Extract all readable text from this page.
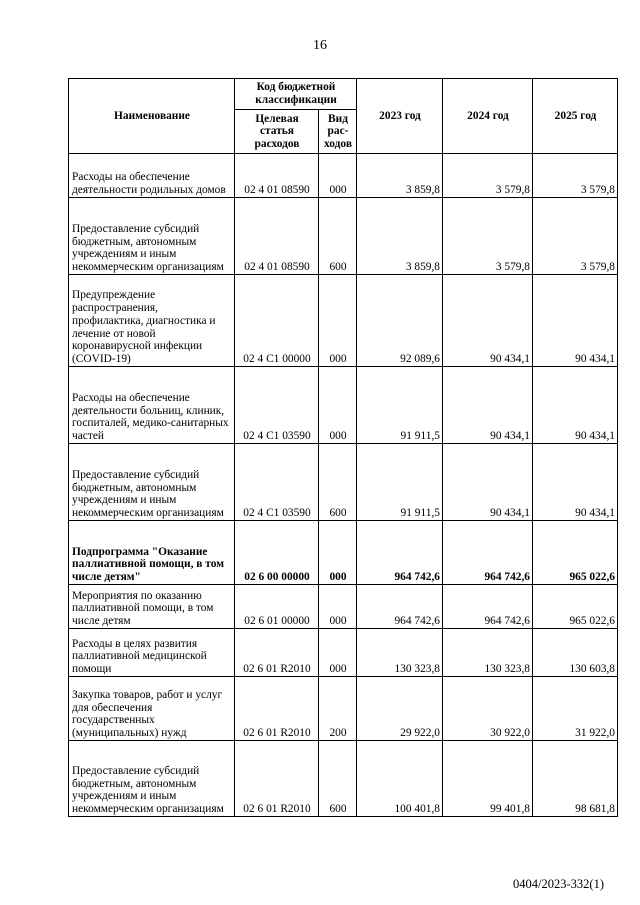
16
Наименование	Код бюджетной классификации		2023 год	2024 год	2025 год
	Целевая статья расходов	Вид рас- ходов			
Расходы на обеспечение деятельности родильных домов	02 4 01 08590	000	3 859,8	3 579,8	3 579,8
Предоставление субсидий бюджетным, автономным учреждениям и иным некоммерческим организациям	02 4 01 08590	600	3 859,8	3 579,8	3 579,8
Предупреждение распространения, профилактика, диагностика и лечение от новой коронавирусной инфекции (COVID-19)	02 4 C1 00000	000	92 089,6	90 434,1	90 434,1
Расходы на обеспечение деятельности больниц, клиник, госпиталей, медико-санитарных частей	02 4 C1 03590	000	91 911,5	90 434,1	90 434,1
Предоставление субсидий бюджетным, автономным учреждениям и иным некоммерческим организациям	02 4 C1 03590	600	91 911,5	90 434,1	90 434,1
Подпрограмма "Оказание паллиативной помощи, в том числе детям"	02 6 00 00000	000	964 742,6	964 742,6	965 022,6
Мероприятия по оказанию паллиативной помощи, в том числе детям	02 6 01 00000	000	964 742,6	964 742,6	965 022,6
Расходы в целях развития паллиативной медицинской помощи	02 6 01 R2010	000	130 323,8	130 323,8	130 603,8
Закупка товаров, работ и услуг для обеспечения государственных (муниципальных) нужд	02 6 01 R2010	200	29 922,0	30 922,0	31 922,0
Предоставление субсидий бюджетным, автономным учреждениям и иным некоммерческим организациям	02 6 01 R2010	600	100 401,8	99 401,8	98 681,8
0404/2023-332(1)
